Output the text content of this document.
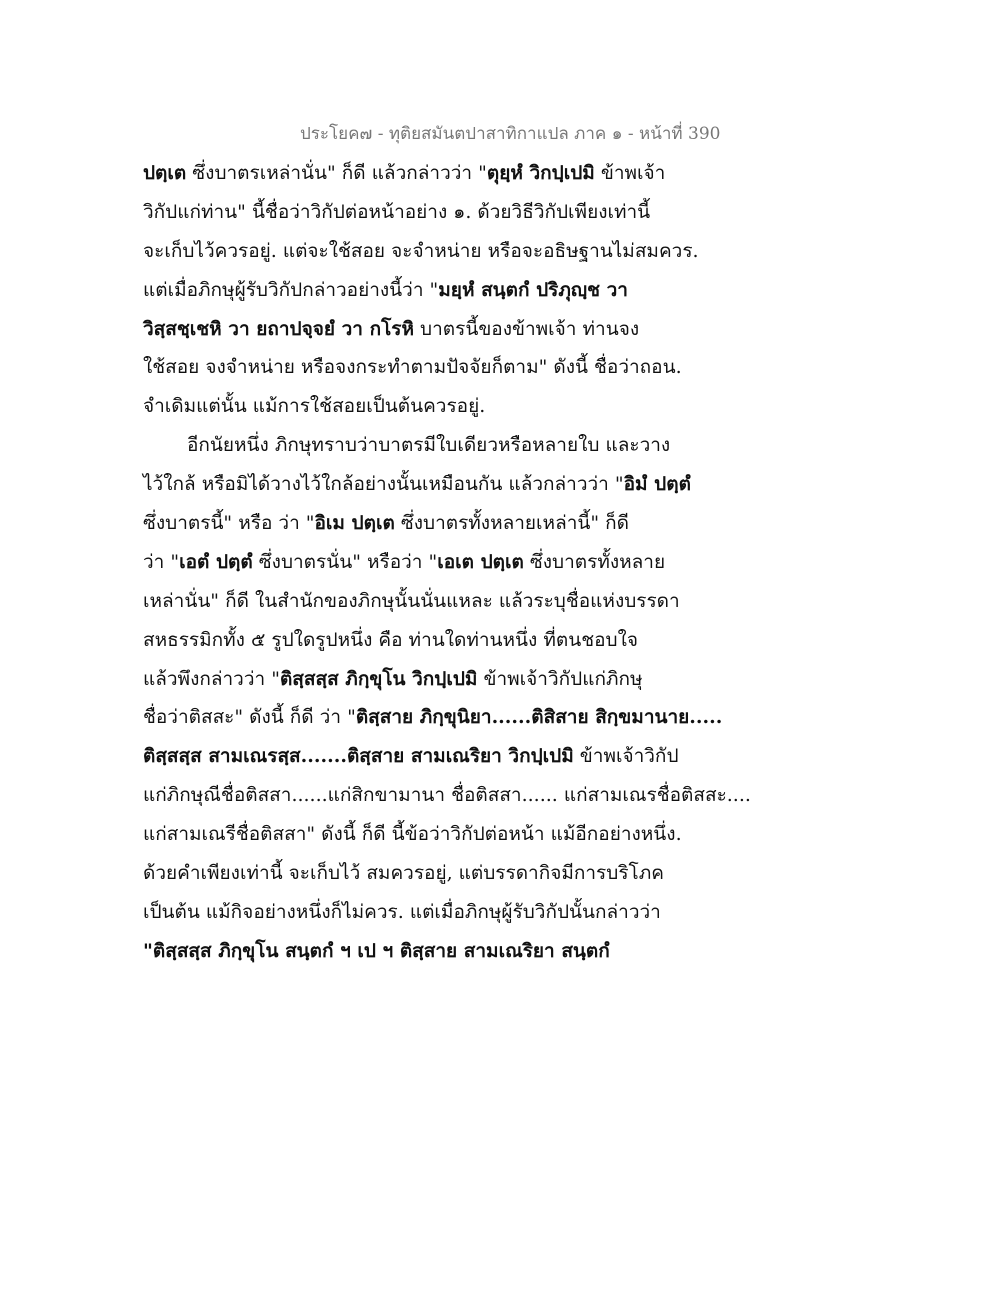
ประโยค๗ - ทุติยสมันตปาสาทิกาแปล ภาค ๑ - หน้าที่ 390
ปตฺเต ซึ่งบาตรเหล่านั่น" ก็ดี แล้วกล่าวว่า "ตุยฺหํ วิกปฺเปมิ ข้าพเจ้า
วิกัปแก่ท่าน" นี้ชื่อว่าวิกัปต่อหน้าอย่าง ๑. ด้วยวิธีวิกัปเพียงเท่านี้
จะเก็บไว้ควรอยู่. แต่จะใช้สอย จะจำหน่าย หรือจะอธิษฐานไม่สมควร.
แต่เมื่อภิกษุผู้รับวิกัปกล่าวอย่างนี้ว่า "มยฺหํ สนฺตกํ ปริภุญฺช วา
วิสฺสชฺเชหิ วา ยถาปจฺจยํ วา กโรหิ บาตรนี้ของข้าพเจ้า ท่านจง
ใช้สอย จงจำหน่าย หรือจงกระทำตามปัจจัยก็ตาม" ดังนี้ ชื่อว่าถอน.
จำเดิมแต่นั้น แม้การใช้สอยเป็นต้นควรอยู่.
อีกนัยหนึ่ง ภิกษุทราบว่าบาตรมีใบเดียวหรือหลายใบ และวาง
ไว้ใกล้ หรือมิได้วางไว้ใกล้อย่างนั้นเหมือนกัน แล้วกล่าวว่า "อิมํ ปตฺตํ
ซึ่งบาตรนี้" หรือ ว่า "อิเม ปตฺเต ซึ่งบาตรทั้งหลายเหล่านี้" ก็ดี
ว่า "เอตํ ปตฺตํ ซึ่งบาตรนั่น" หรือว่า "เอเต ปตฺเต ซึ่งบาตรทั้งหลาย
เหล่านั่น" ก็ดี ในสำนักของภิกษุนั้นนั่นแหละ แล้วระบุชื่อแห่งบรรดา
สหธรรมิกทั้ง ๕ รูปใดรูปหนึ่ง คือ ท่านใดท่านหนึ่ง ที่ตนชอบใจ
แล้วพึงกล่าวว่า "ติสฺสสฺส ภิกฺขุโน วิกปฺเปมิ ข้าพเจ้าวิกัปแก่ภิกษุ
ชื่อว่าติสสะ" ดังนี้ ก็ดี ว่า "ติสฺสาย ภิกฺขุนิยา......ติสิสาย สิกฺขมานาย.....
ติสฺสสฺส สามเณรสฺส.......ติสฺสาย สามเณริยา วิกปฺเปมิ ข้าพเจ้าวิกัป
แก่ภิกษุณีชื่อติสสา......แก่สิกขามานา ชื่อติสสา...... แก่สามเณรชื่อติสสะ....
แก่สามเณรีชื่อติสสา" ดังนี้ ก็ดี นี้ข้อว่าวิกัปต่อหน้า แม้อีกอย่างหนึ่ง.
ด้วยคำเพียงเท่านี้ จะเก็บไว้ สมควรอยู่, แต่บรรดากิจมีการบริโภค
เป็นต้น แม้กิจอย่างหนึ่งก็ไม่ควร. แต่เมื่อภิกษุผู้รับวิกัปนั้นกล่าวว่า
"ติสฺสสฺส ภิกฺขุโน สนฺตกํ ฯ เป ฯ ติสฺสาย สามเณริยา สนฺตกํ
